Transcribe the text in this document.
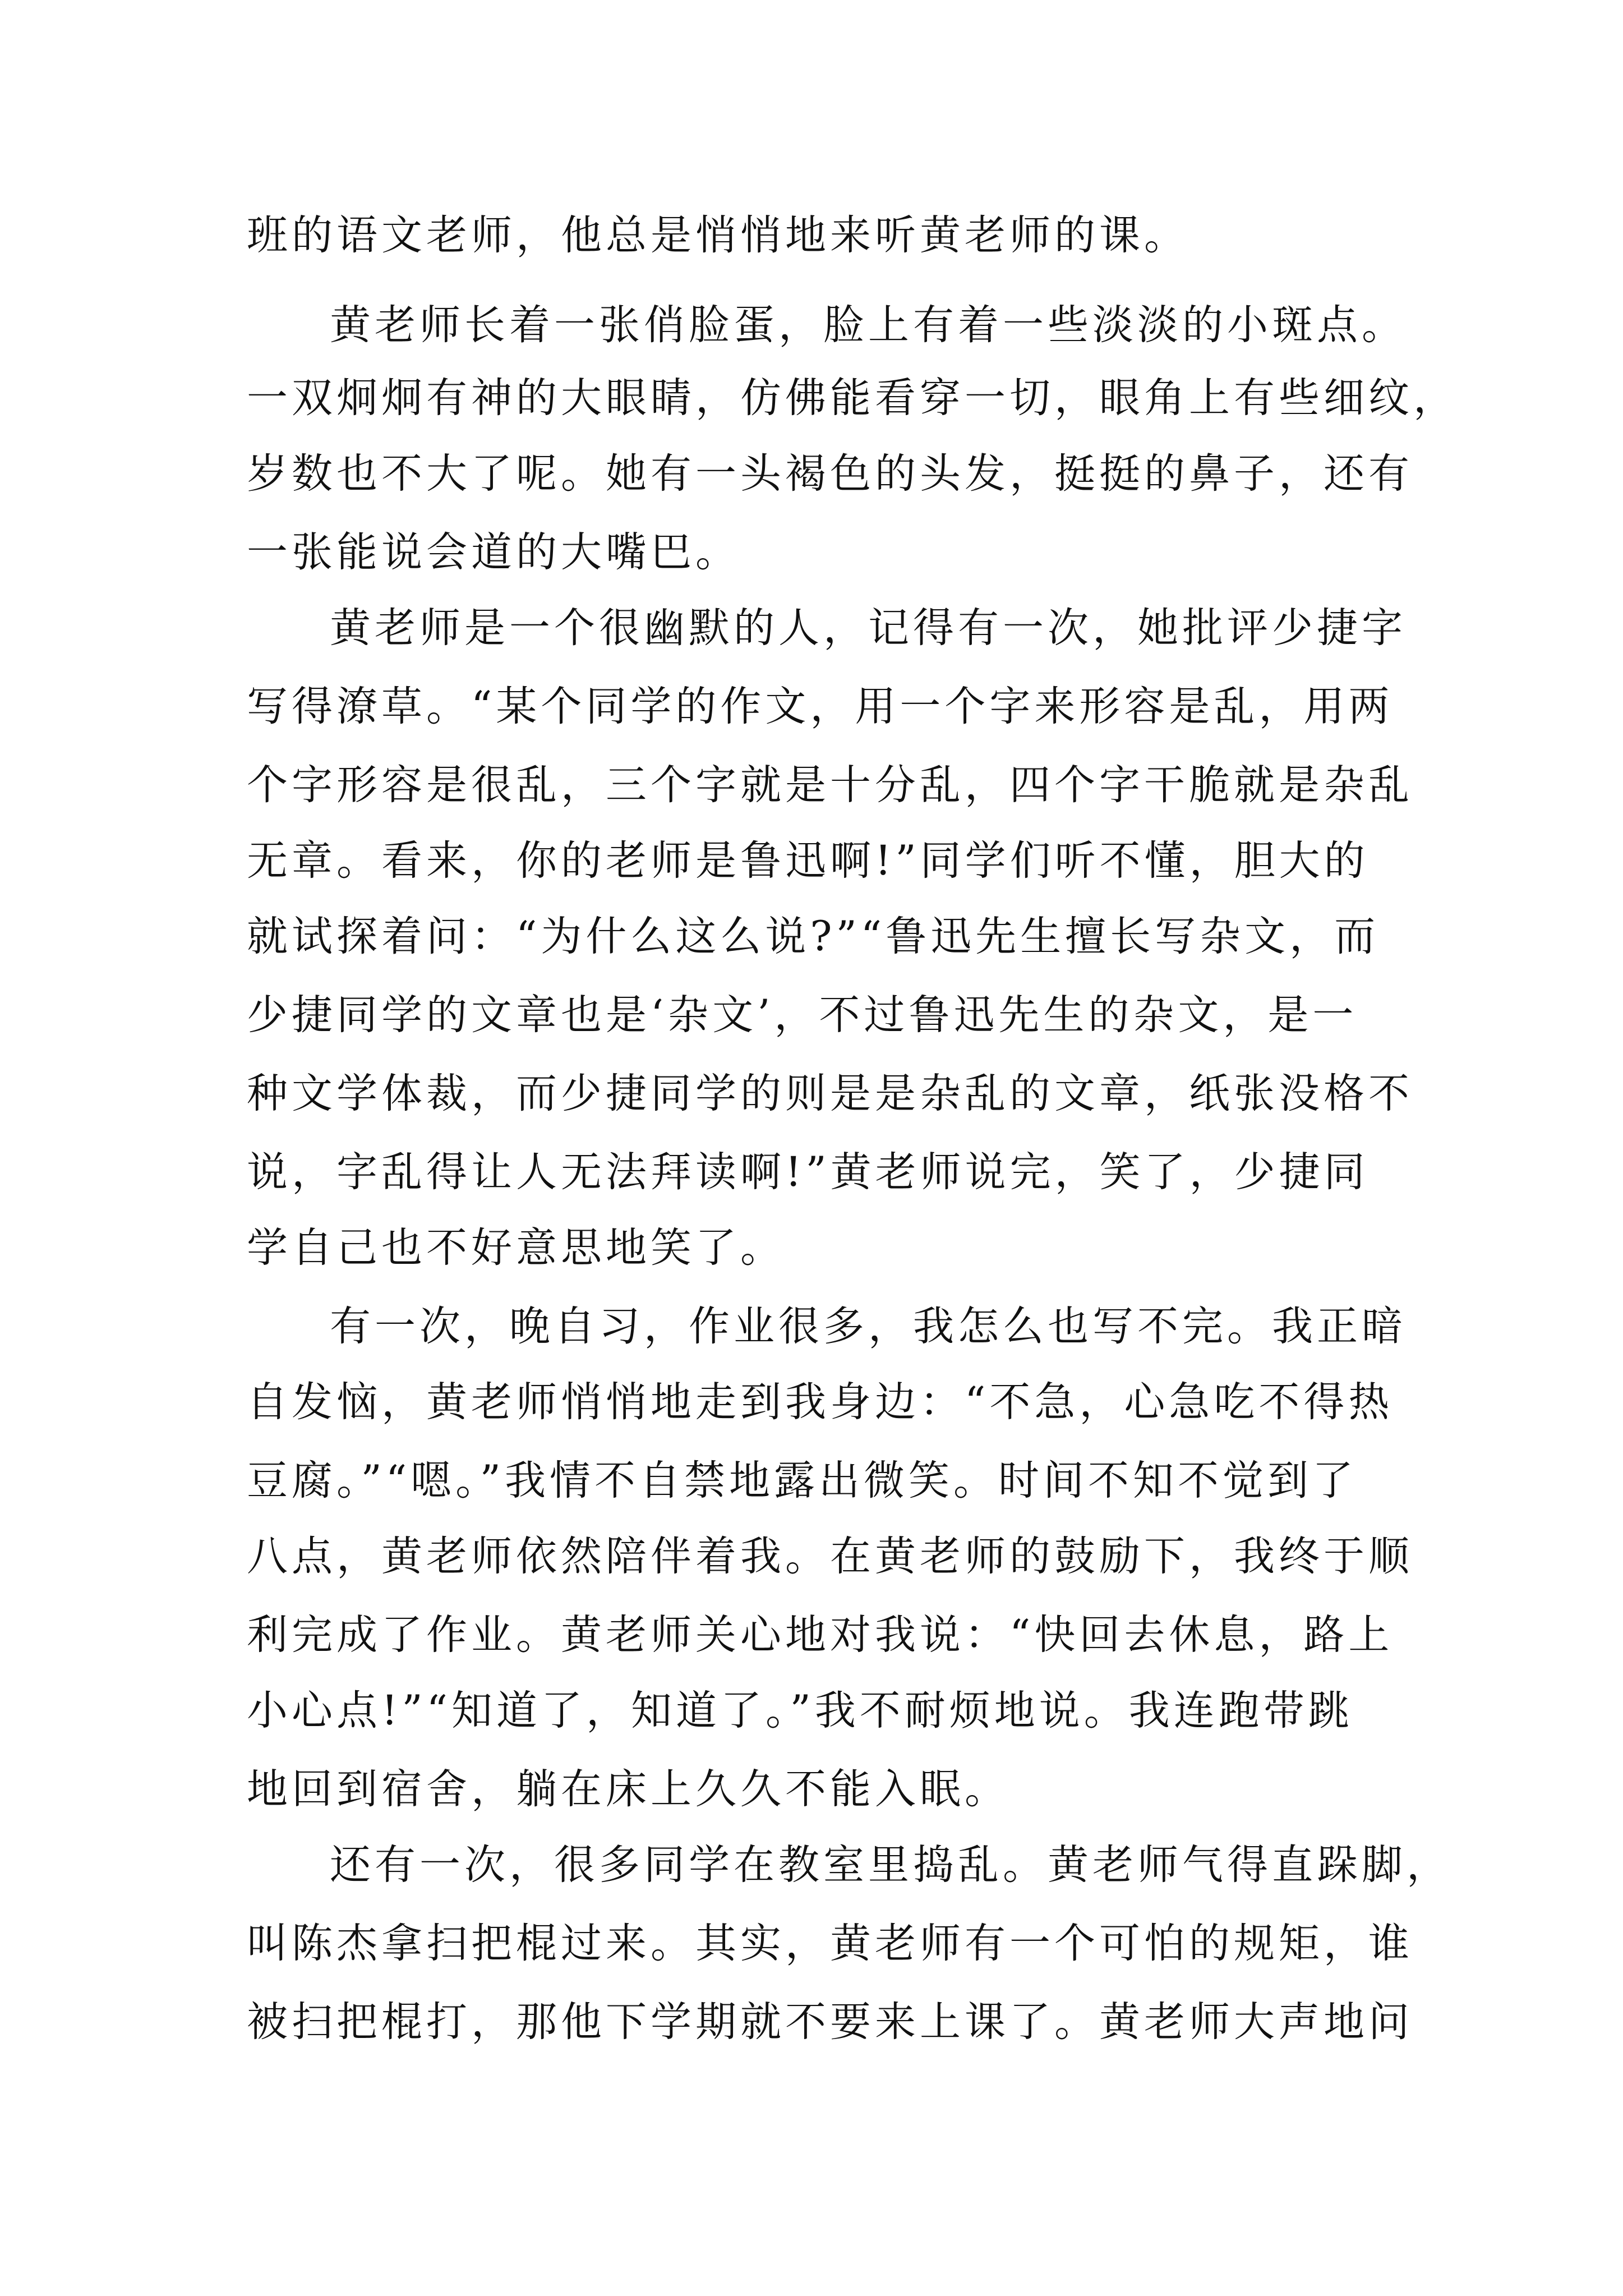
班的语文老师，他总是悄悄地来听黄老师的课。
黄老师长着一张俏脸蛋，脸上有着一些淡淡的小斑点。
一双炯炯有神的大眼睛，仿佛能看穿一切，眼角上有些细纹，
岁数也不大了呢。她有一头褐色的头发，挺挺的鼻子，还有
一张能说会道的大嘴巴。
黄老师是一个很幽默的人，记得有一次，她批评少捷字
写得潦草。“某个同学的作文，用一个字来形容是乱，用两
个字形容是很乱，三个字就是十分乱，四个字干脆就是杂乱
无章。看来，你的老师是鲁迅啊!”同学们听不懂，胆大的
就试探着问：“为什么这么说?”“鲁迅先生擅长写杂文，而
少捷同学的文章也是‘杂文’，不过鲁迅先生的杂文，是一
种文学体裁，而少捷同学的则是是杂乱的文章，纸张没格不
说，字乱得让人无法拜读啊!”黄老师说完，笑了，少捷同
学自己也不好意思地笑了。
有一次，晚自习，作业很多，我怎么也写不完。我正暗
自发恼，黄老师悄悄地走到我身边：“不急，心急吃不得热
豆腐。”“嗯。”我情不自禁地露出微笑。时间不知不觉到了
八点，黄老师依然陪伴着我。在黄老师的鼓励下，我终于顺
利完成了作业。黄老师关心地对我说：“快回去休息，路上
小心点!”“知道了，知道了。”我不耐烦地说。我连跑带跳
地回到宿舍，躺在床上久久不能入眠。
还有一次，很多同学在教室里捣乱。黄老师气得直跺脚，
叫陈杰拿扫把棍过来。其实，黄老师有一个可怕的规矩，谁
被扫把棍打，那他下学期就不要来上课了。黄老师大声地问
